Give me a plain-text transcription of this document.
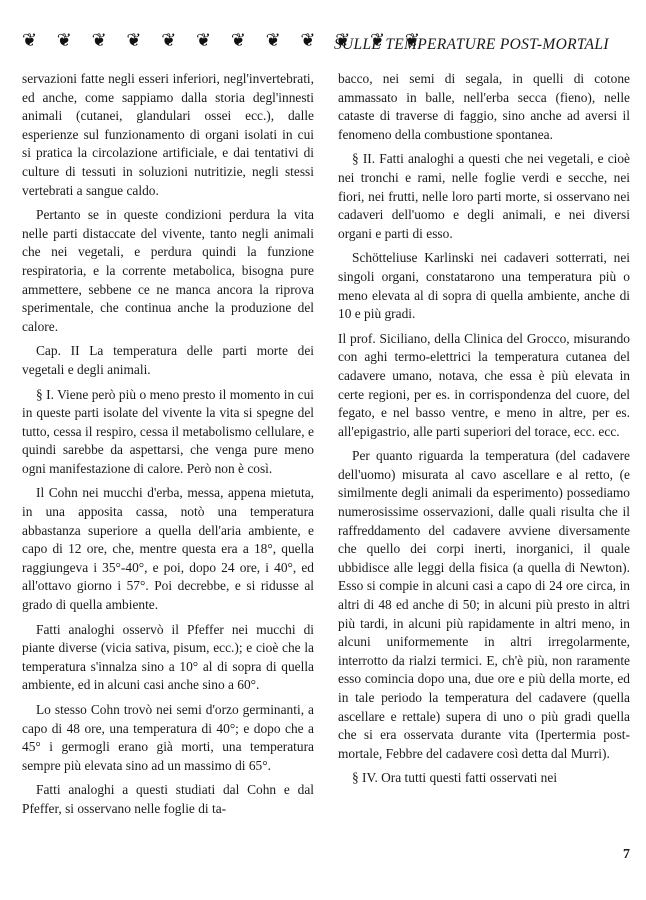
❦ ❦ ❦ ❦ ❦ ❦ ❦ ❦ ❦ ❦ ❦ ❦
SULLE TEMPERATURE POST-MORTALI

servazioni fatte negli esseri inferiori, negl'invertebrati, ed anche, come sappiamo dalla storia degl'innesti animali (cutanei, glandulari ossei ecc.), dalle esperienze sul funzionamento di organi isolati in cui si pratica la circolazione artificiale, e dai tentativi di culture di tessuti in soluzioni nutritizie, negli stessi vertebrati a sangue caldo.

Pertanto se in queste condizioni perdura la vita nelle parti distaccate del vivente, tanto negli animali che nei vegetali, e perdura quindi la funzione respiratoria, e la corrente metabolica, bisogna pure ammettere, sebbene ce ne manca ancora la riprova sperimentale, che continua anche la produzione del calore.

Cap. II La temperatura delle parti morte dei vegetali e degli animali.

§ I. Viene però più o meno presto il momento in cui in queste parti isolate del vivente la vita si spegne del tutto, cessa il respiro, cessa il metabolismo cellulare, e quindi sarebbe da aspettarsi, che venga pure meno ogni manifestazione di calore. Però non è così.

Il Cohn nei mucchi d'erba, messa, appena mietuta, in una apposita cassa, notò una temperatura abbastanza superiore a quella dell'aria ambiente, e capo di 12 ore, che, mentre questa era a 18°, quella raggiungeva i 35°-40°, e poi, dopo 24 ore, i 40°, ed all'ottavo giorno i 57°. Poi decrebbe, e si ridusse al grado di quella ambiente.

Fatti analoghi osservò il Pfeffer nei mucchi di piante diverse (vicia sativa, pisum, ecc.); e cioè che la temperatura s'innalza sino a 10° al di sopra di quella ambiente, ed in alcuni casi anche sino a 60°.

Lo stesso Cohn trovò nei semi d'orzo germinanti, a capo di 48 ore, una temperatura di 40°; e dopo che a 45° i germogli erano già morti, una temperatura sempre più elevata sino ad un massimo di 65°.

Fatti analoghi a questi studiati dal Cohn e dal Pfeffer, si osservano nelle foglie di ta-

bacco, nei semi di segala, in quelli di cotone ammassato in balle, nell'erba secca (fieno), nelle cataste di traverse di faggio, sino anche ad aversi il fenomeno della combustione spontanea.

§ II. Fatti analoghi a questi che nei vegetali, e cioè nei tronchi e rami, nelle foglie verdi e secche, nei fiori, nei frutti, nelle loro parti morte, si osservano nei cadaveri dell'uomo e degli animali, e nei diversi organi e parti di esso.

Schötteliuse Karlinski nei cadaveri sotterrati, nei singoli organi, constatarono una temperatura più o meno elevata al di sopra di quella ambiente, anche di 10 e più gradi.

Il prof. Siciliano, della Clinica del Grocco, misurando con aghi termo-elettrici la temperatura cutanea del cadavere umano, notava, che essa è più elevata in certe regioni, per es. in corrispondenza del cuore, del fegato, e nel basso ventre, e meno in altre, per es. all'epigastrio, alle parti superiori del torace, ecc. ecc.

Per quanto riguarda la temperatura (del cadavere dell'uomo) misurata al cavo ascellare e al retto, (e similmente degli animali da esperimento) possediamo numerosissime osservazioni, dalle quali risulta che il raffreddamento del cadavere avviene diversamente che quello dei corpi inerti, inorganici, il quale ubbidisce alle leggi della fisica (a quella di Newton). Esso si compie in alcuni casi a capo di 24 ore circa, in altri di 48 ed anche di 50; in alcuni più presto in altri più tardi, in alcuni più rapidamente in altri meno, in alcuni uniformemente in altri irregolarmente, interrotto da rialzi termici. E, ch'è più, non raramente esso comincia dopo una, due ore e più della morte, ed in tale periodo la temperatura del cadavere (quella ascellare e rettale) supera di uno o più gradi quella che si era osservata durante vita (Ipertermia post-mortale, Febbre del cadavere così detta dal Murri).

§ IV. Ora tutti questi fatti osservati nei

7
